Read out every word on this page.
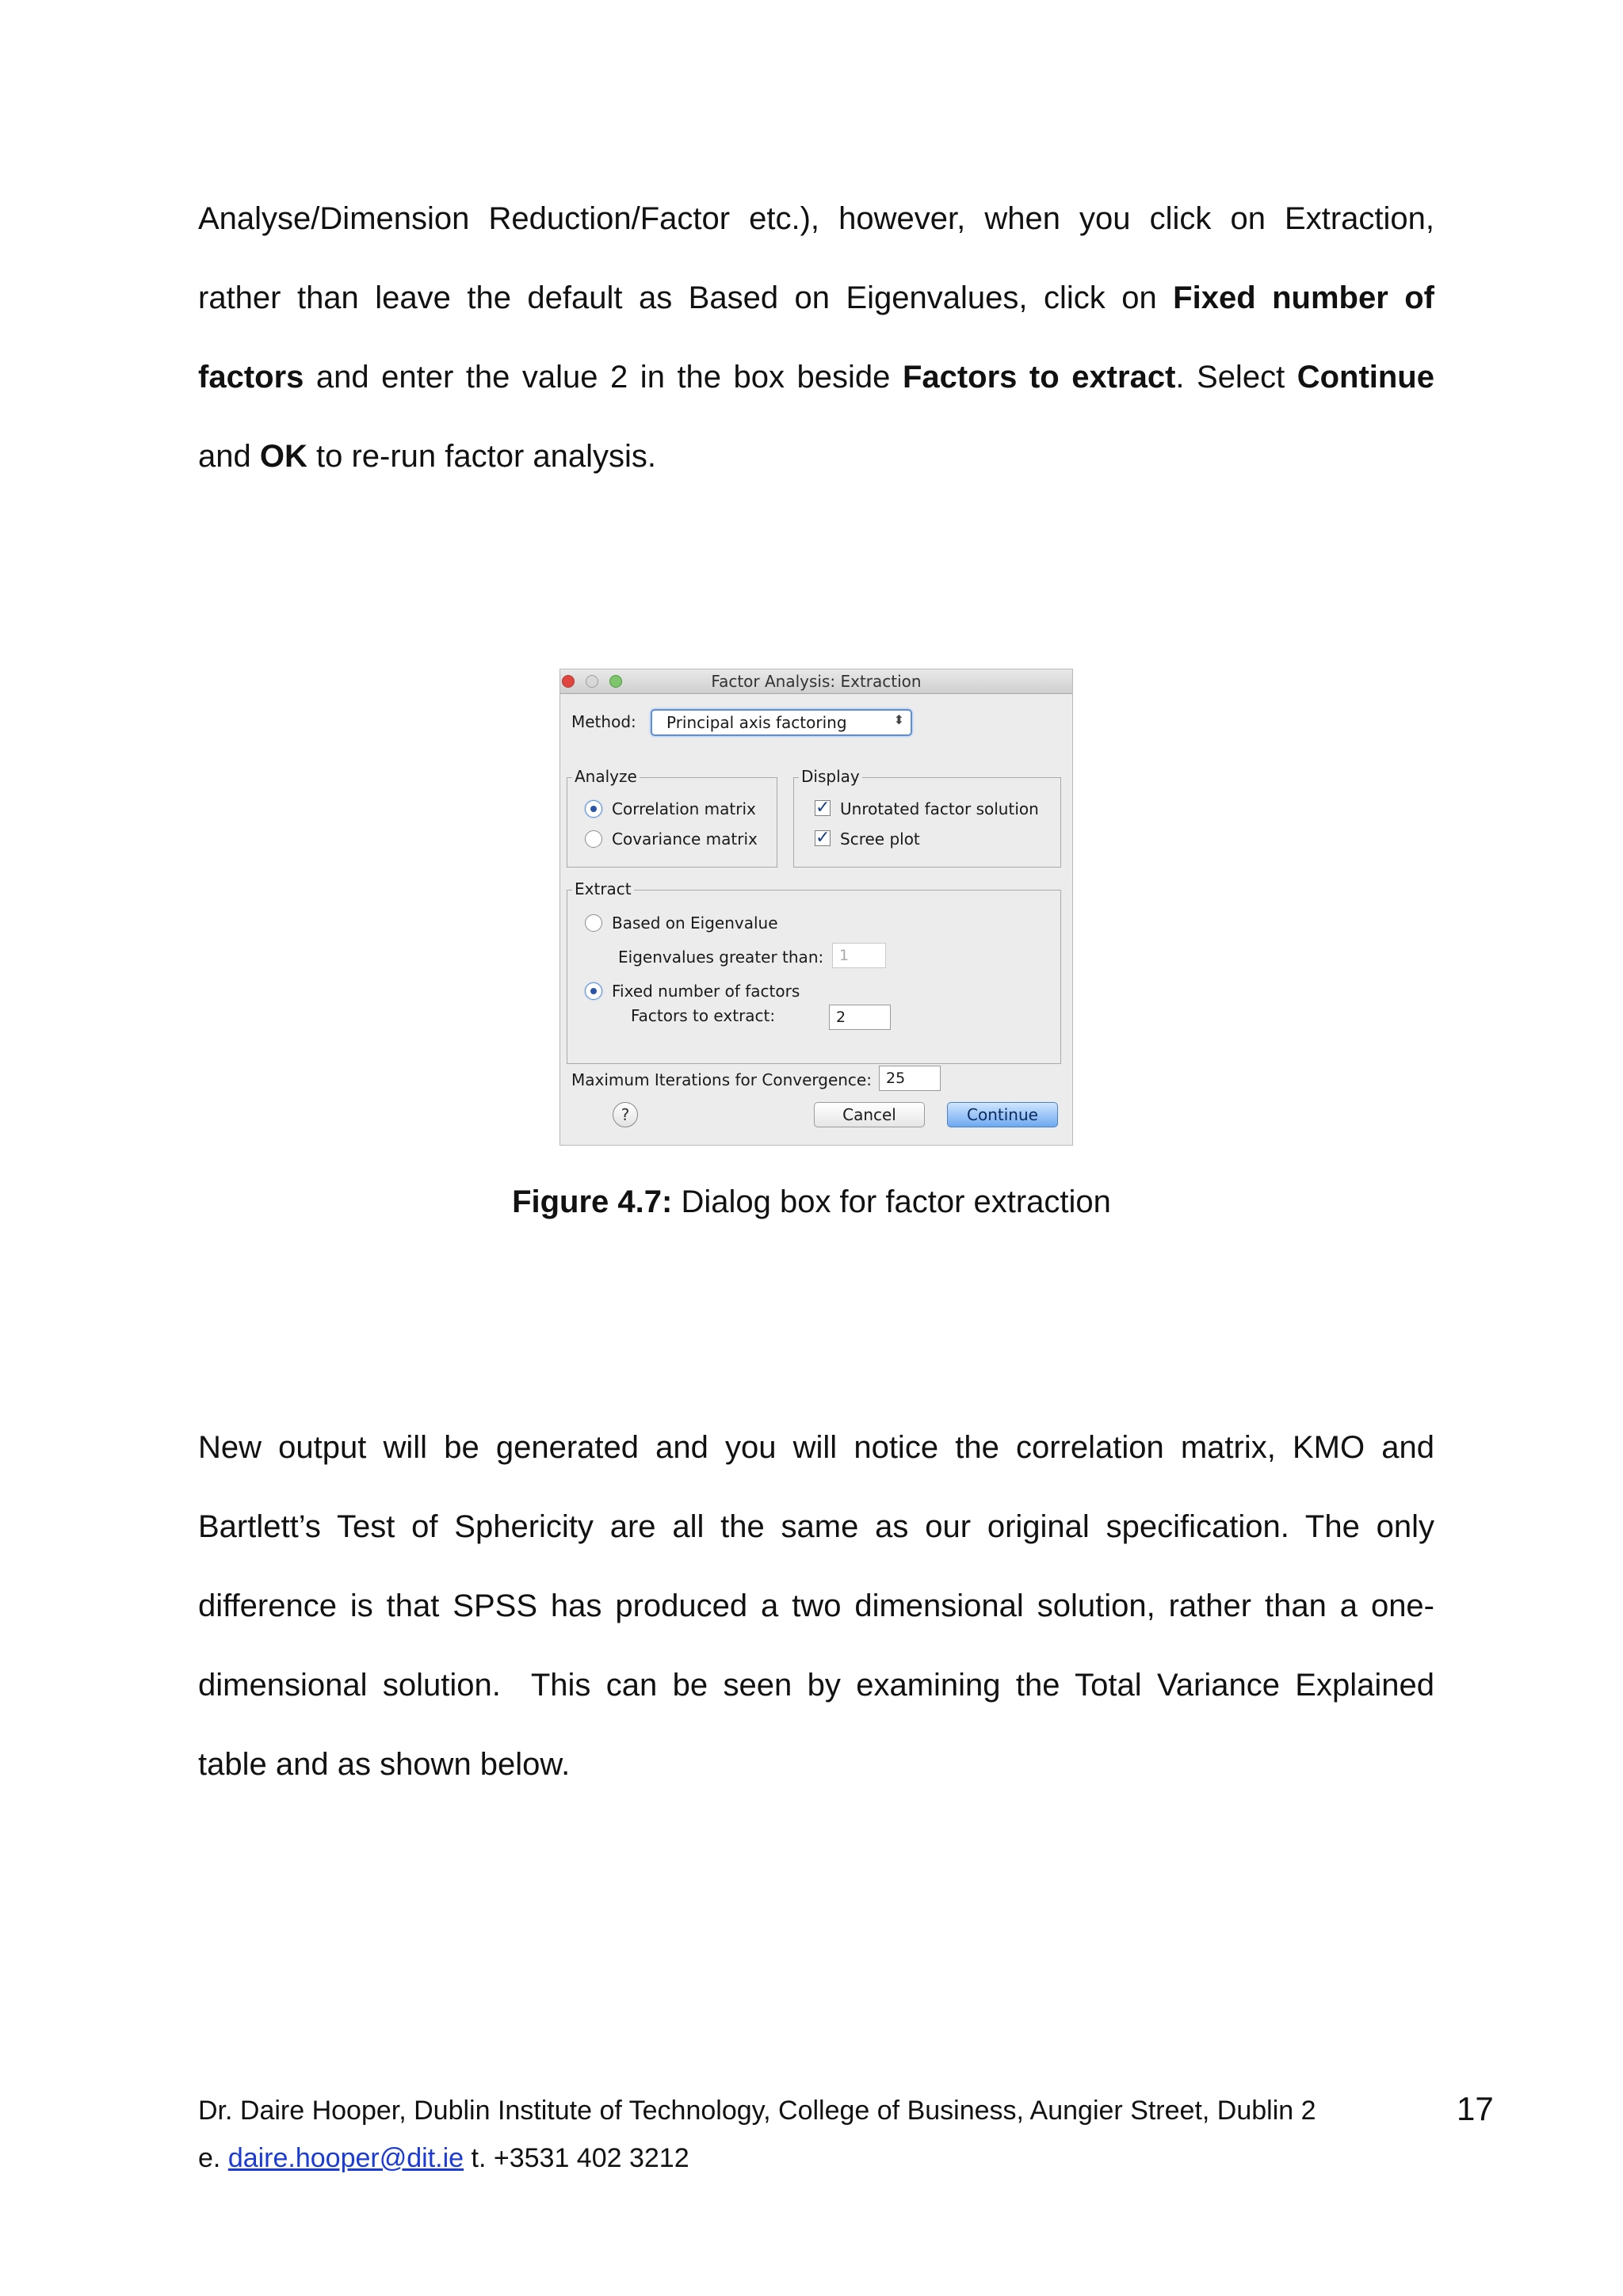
Analyse/Dimension Reduction/Factor etc.), however, when you click on Extraction,
rather than leave the default as Based on Eigenvalues, click on Fixed number of
factors and enter the value 2 in the box beside Factors to extract. Select Continue
and OK to re-run factor analysis.
Factor Analysis: Extraction
Method: Principal axis factoring	⬍
Analyze
Correlation matrix
Covariance matrix
Display
✓ Unrotated factor solution
✓ Scree plot
Extract
Based on Eigenvalue
Eigenvalues greater than:	1
Fixed number of factors
Factors to extract:	2
Maximum Iterations for Convergence: 25
?	Cancel	Continue
Figure 4.7: Dialog box for factor extraction
New output will be generated and you will notice the correlation matrix, KMO and
Bartlett’s Test of Sphericity are all the same as our original specification. The only
difference is that SPSS has produced a two dimensional solution, rather than a one-
dimensional solution.  This can be seen by examining the Total Variance Explained
table and as shown below.
Dr. Daire Hooper, Dublin Institute of Technology, College of Business, Aungier Street, Dublin 2
e. daire.hooper@dit.ie t. +3531 402 3212
17
